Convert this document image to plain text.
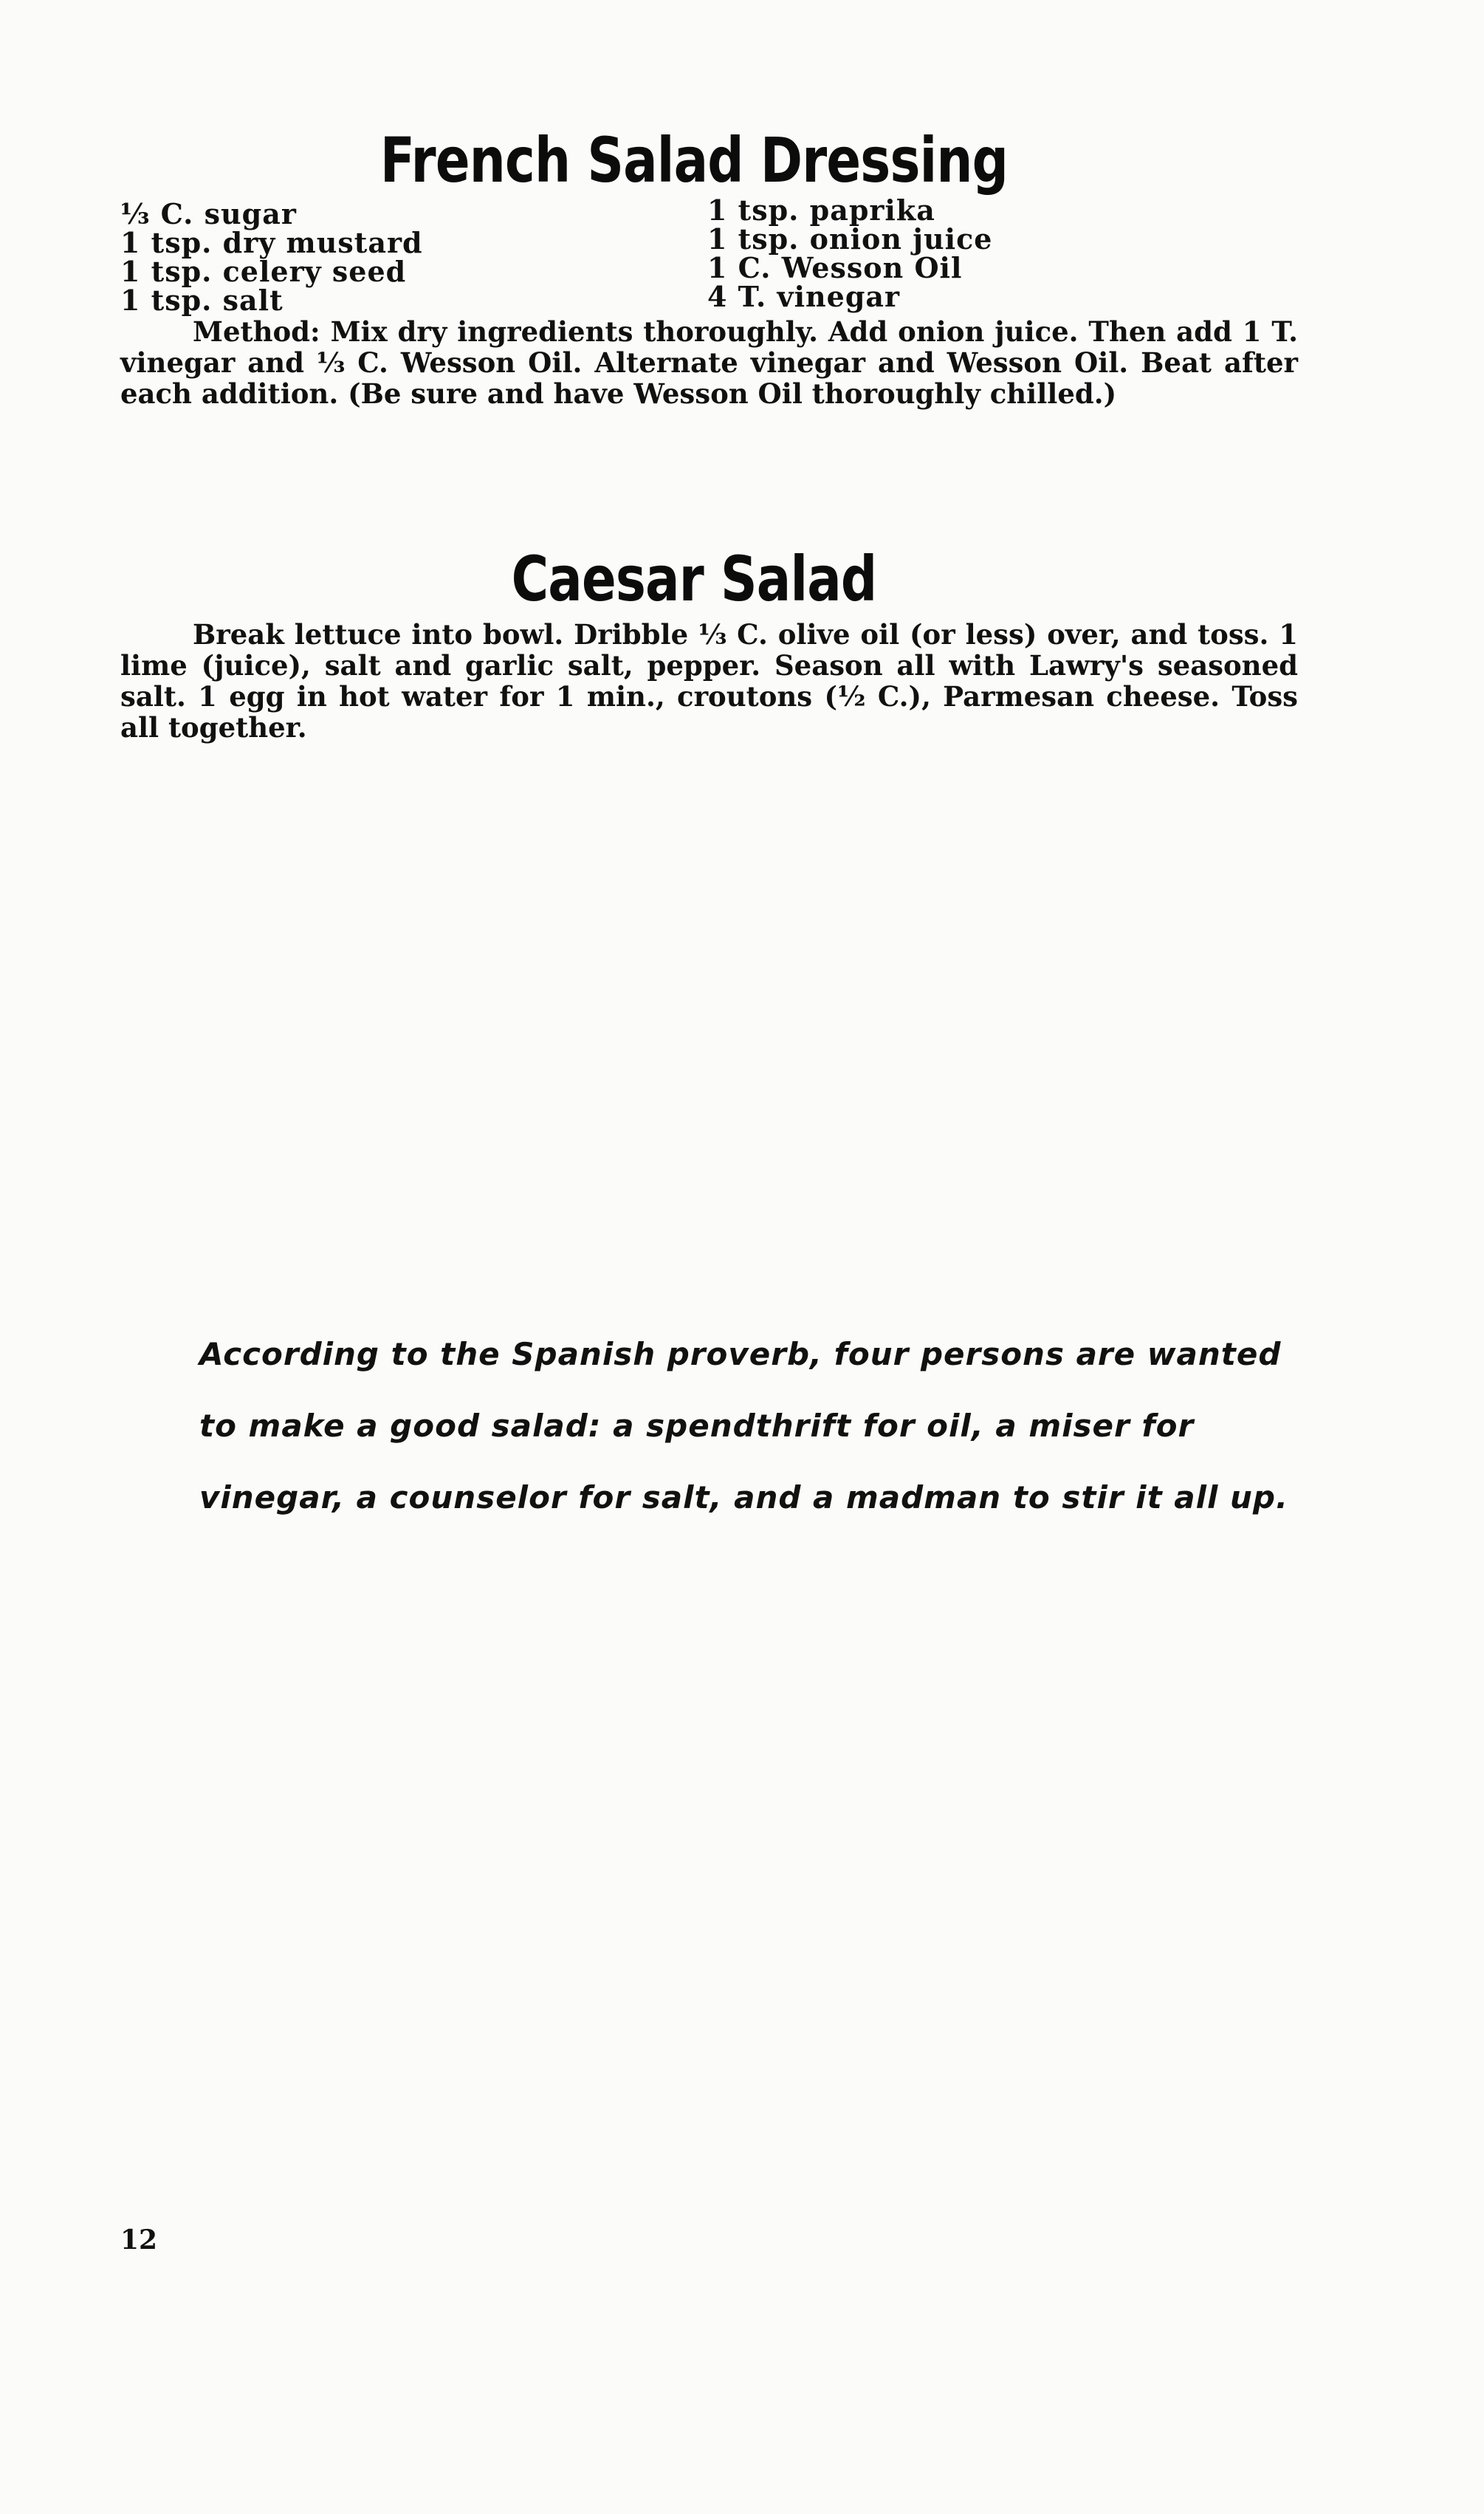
French Salad Dressing
⅓ C. sugar
1 tsp. dry mustard
1 tsp. celery seed
1 tsp. salt
1 tsp. paprika
1 tsp. onion juice
1 C. Wesson Oil
4 T. vinegar
Method: Mix dry ingredients thoroughly. Add onion juice. Then add 1 T. vinegar and ⅓ C. Wesson Oil. Alternate vinegar and Wesson Oil. Beat after each addition. (Be sure and have Wesson Oil thoroughly chilled.)
Caesar Salad
Break lettuce into bowl. Dribble ⅓ C. olive oil (or less) over, and toss. 1 lime (juice), salt and garlic salt, pepper. Season all with Lawry's seasoned salt. 1 egg in hot water for 1 min., croutons (½ C.), Parmesan cheese. Toss all together.
According to the Spanish proverb, four persons are wanted to make a good salad: a spendthrift for oil, a miser for vinegar, a counselor for salt, and a madman to stir it all up.
12
